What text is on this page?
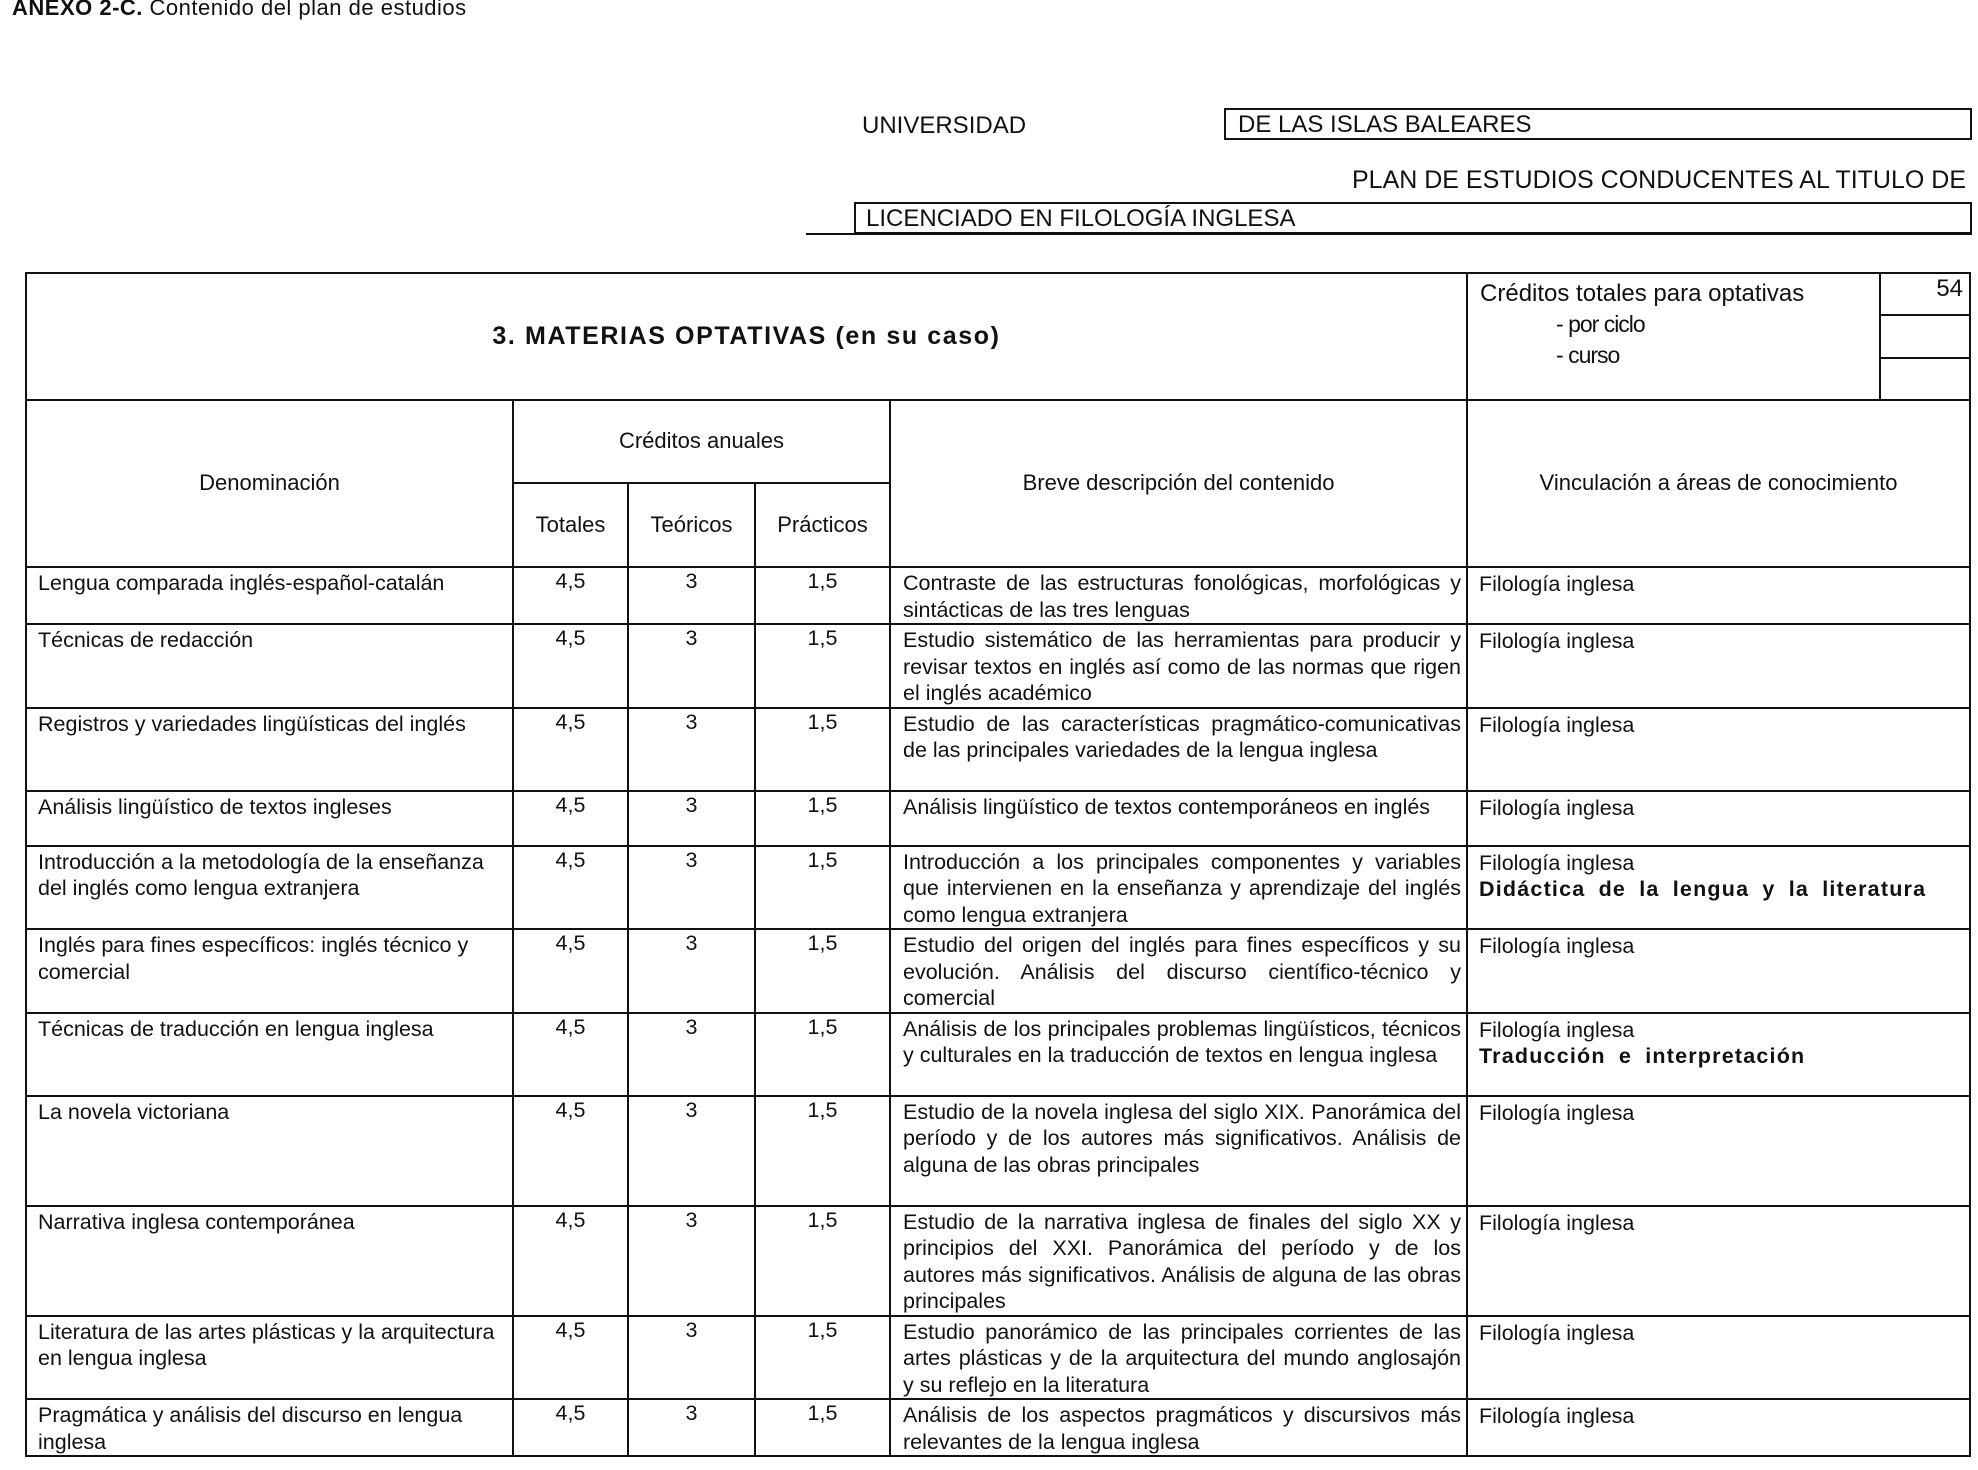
ANEXO 2-C. Contenido del plan de estudios
UNIVERSIDAD	DE LAS ISLAS BALEARES
PLAN DE ESTUDIOS CONDUCENTES AL TITULO DE
LICENCIADO EN FILOLOGÍA INGLESA
3. MATERIAS OPTATIVAS (en su caso)					Créditos totales para optativas
- por ciclo
- curso
54

Denominación	Créditos anuales			Breve descripción del contenido	Vinculación a áreas de conocimiento
	Totales	Teóricos	Prácticos		
Lengua comparada inglés-español-catalán	4,5	3	1,5	Contraste de las estructuras fonológicas, morfológicas y sintácticas de las tres lenguas	Filología inglesa

Técnicas de redacción	4,5	3	1,5	Estudio sistemático de las herramientas para producir y revisar textos en inglés así como de las normas que rigen el inglés académico	Filología inglesa

Registros y variedades lingüísticas del inglés	4,5	3	1,5	Estudio de las características pragmático-comunicativas de las principales variedades de la lengua inglesa	Filología inglesa

Análisis lingüístico de textos ingleses	4,5	3	1,5	Análisis lingüístico de textos contemporáneos en inglés	Filología inglesa

Introducción a la metodología de la enseñanza del inglés como lengua extranjera	4,5	3	1,5	Introducción a los principales componentes y variables que intervienen en la enseñanza y aprendizaje del inglés como lengua extranjera	Filología inglesa
Didáctica de la lengua y la literatura

Inglés para fines específicos: inglés técnico y comercial	4,5	3	1,5	Estudio del origen del inglés para fines específicos y su evolución. Análisis del discurso científico-técnico y comercial	Filología inglesa

Técnicas de traducción en lengua inglesa	4,5	3	1,5	Análisis de los principales problemas lingüísticos, técnicos y culturales en la traducción de textos en lengua inglesa	Filología inglesa
Traducción e interpretación

La novela victoriana	4,5	3	1,5	Estudio de la novela inglesa del siglo XIX. Panorámica del período y de los autores más significativos. Análisis de alguna de las obras principales	Filología inglesa

Narrativa inglesa contemporánea	4,5	3	1,5	Estudio de la narrativa inglesa de finales del siglo XX y principios del XXI. Panorámica del período y de los autores más significativos. Análisis de alguna de las obras principales	Filología inglesa

Literatura de las artes plásticas y la arquitectura en lengua inglesa	4,5	3	1,5	Estudio panorámico de las principales corrientes de las artes plásticas y de la arquitectura del mundo anglosajón y su reflejo en la literatura	Filología inglesa

Pragmática y análisis del discurso en lengua inglesa	4,5	3	1,5	Análisis de los aspectos pragmáticos y discursivos más relevantes de la lengua inglesa	Filología inglesa
